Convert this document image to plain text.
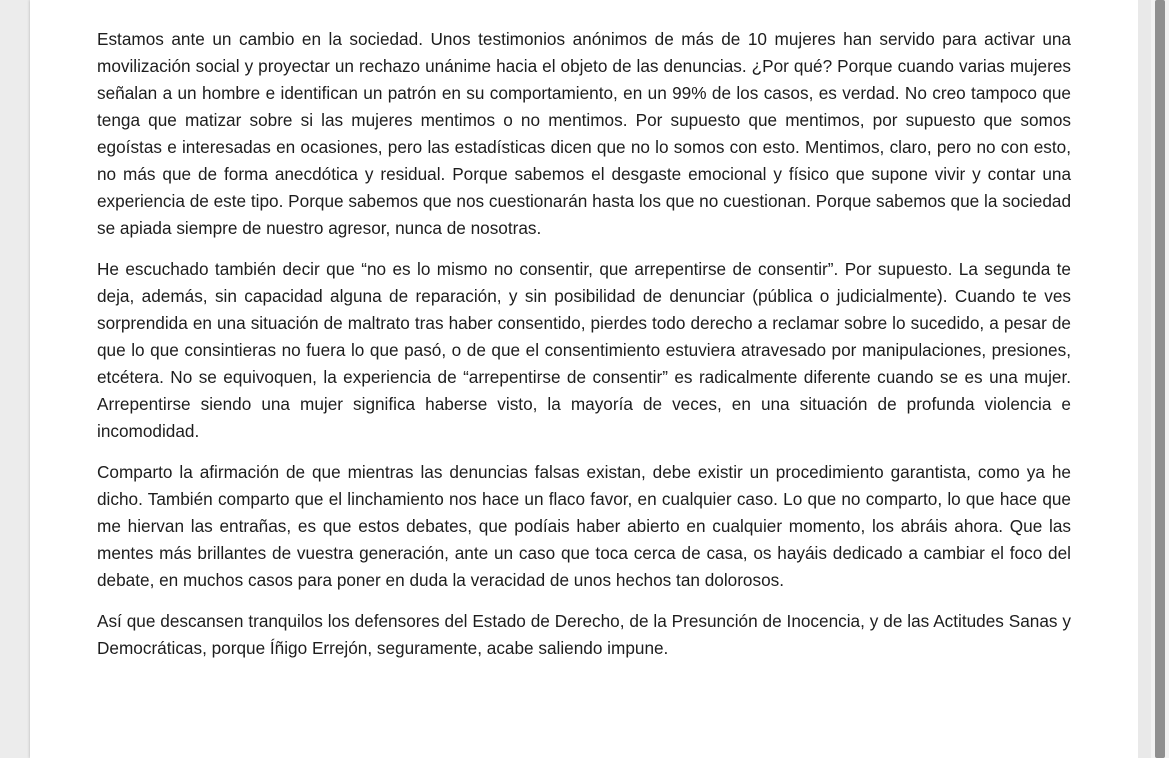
Estamos ante un cambio en la sociedad. Unos testimonios anónimos de más de 10 mujeres han servido para activar una movilización social y proyectar un rechazo unánime hacia el objeto de las denuncias. ¿Por qué? Porque cuando varias mujeres señalan a un hombre e identifican un patrón en su comportamiento, en un 99% de los casos, es verdad. No creo tampoco que tenga que matizar sobre si las mujeres mentimos o no mentimos. Por supuesto que mentimos, por supuesto que somos egoístas e interesadas en ocasiones, pero las estadísticas dicen que no lo somos con esto. Mentimos, claro, pero no con esto, no más que de forma anecdótica y residual. Porque sabemos el desgaste emocional y físico que supone vivir y contar una experiencia de este tipo. Porque sabemos que nos cuestionarán hasta los que no cuestionan. Porque sabemos que la sociedad se apiada siempre de nuestro agresor, nunca de nosotras.

He escuchado también decir que “no es lo mismo no consentir, que arrepentirse de consentir”. Por supuesto. La segunda te deja, además, sin capacidad alguna de reparación, y sin posibilidad de denunciar (pública o judicialmente). Cuando te ves sorprendida en una situación de maltrato tras haber consentido, pierdes todo derecho a reclamar sobre lo sucedido, a pesar de que lo que consintieras no fuera lo que pasó, o de que el consentimiento estuviera atravesado por manipulaciones, presiones, etcétera. No se equivoquen, la experiencia de “arrepentirse de consentir” es radicalmente diferente cuando se es una mujer. Arrepentirse siendo una mujer significa haberse visto, la mayoría de veces, en una situación de profunda violencia e incomodidad.

Comparto la afirmación de que mientras las denuncias falsas existan, debe existir un procedimiento garantista, como ya he dicho. También comparto que el linchamiento nos hace un flaco favor, en cualquier caso. Lo que no comparto, lo que hace que me hiervan las entrañas, es que estos debates, que podíais haber abierto en cualquier momento, los abráis ahora. Que las mentes más brillantes de vuestra generación, ante un caso que toca cerca de casa, os hayáis dedicado a cambiar el foco del debate, en muchos casos para poner en duda la veracidad de unos hechos tan dolorosos.

Así que descansen tranquilos los defensores del Estado de Derecho, de la Presunción de Inocencia, y de las Actitudes Sanas y Democráticas, porque Íñigo Errejón, seguramente, acabe saliendo impune.
